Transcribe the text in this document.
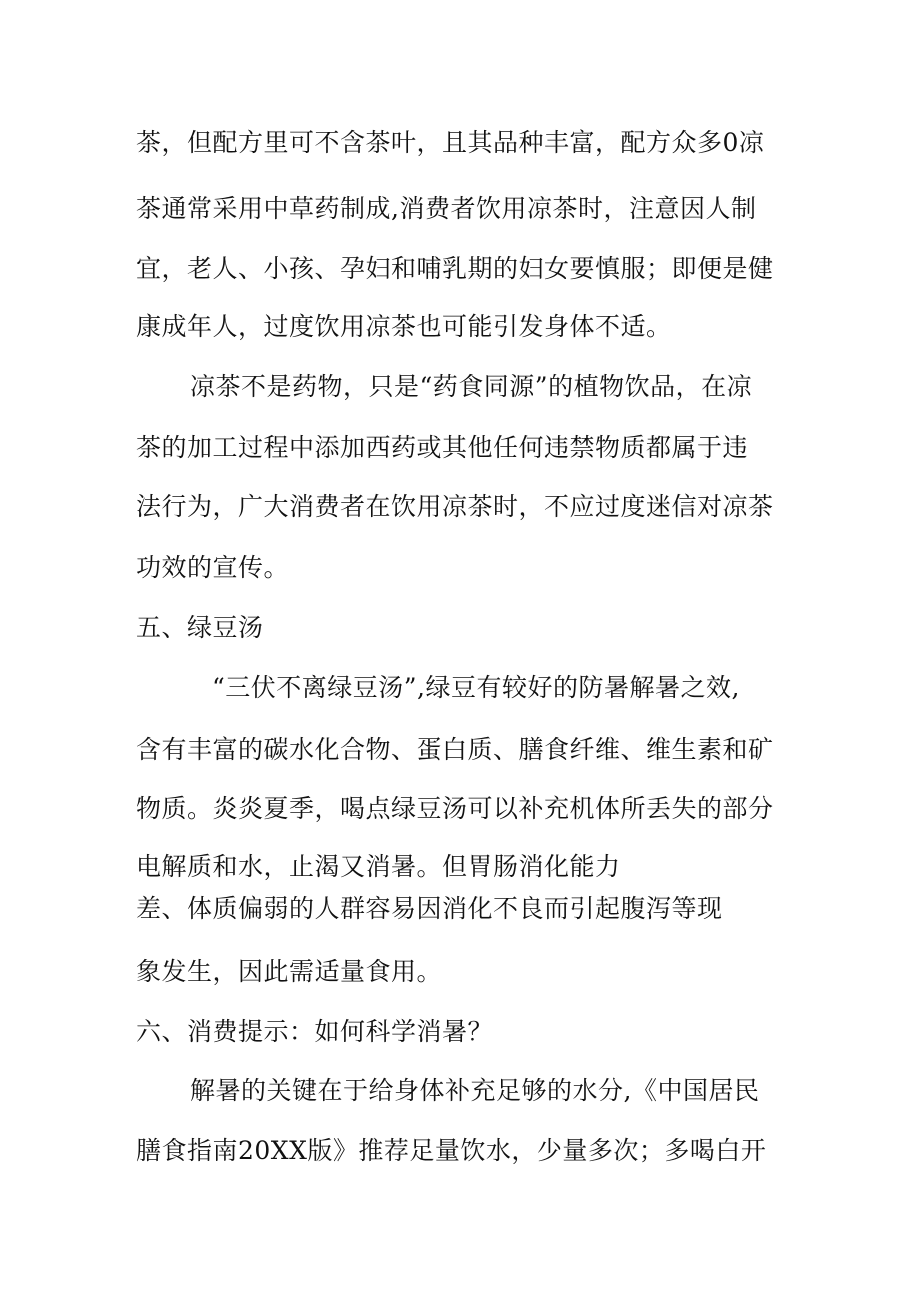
茶，但配方里可不含茶叶，且其品种丰富，配方众多0凉
茶通常采用中草药制成,消费者饮用凉茶时，注意因人制
宜，老人、小孩、孕妇和哺乳期的妇女要慎服；即便是健
康成年人，过度饮用凉茶也可能引发身体不适。
凉茶不是药物，只是“药食同源”的植物饮品，在凉
茶的加工过程中添加西药或其他任何违禁物质都属于违
法行为，广大消费者在饮用凉茶时，不应过度迷信对凉茶
功效的宣传。
五、绿豆汤
“三伏不离绿豆汤”,绿豆有较好的防暑解暑之效,
含有丰富的碳水化合物、蛋白质、膳食纤维、维生素和矿
物质。炎炎夏季，喝点绿豆汤可以补充机体所丢失的部分
电解质和水，止渴又消暑。但胃肠消化能力
差、体质偏弱的人群容易因消化不良而引起腹泻等现
象发生，因此需适量食用。
六、消费提示：如何科学消暑？
解暑的关键在于给身体补充足够的水分,《中国居民
膳食指南20XX版》推荐足量饮水，少量多次；多喝白开
